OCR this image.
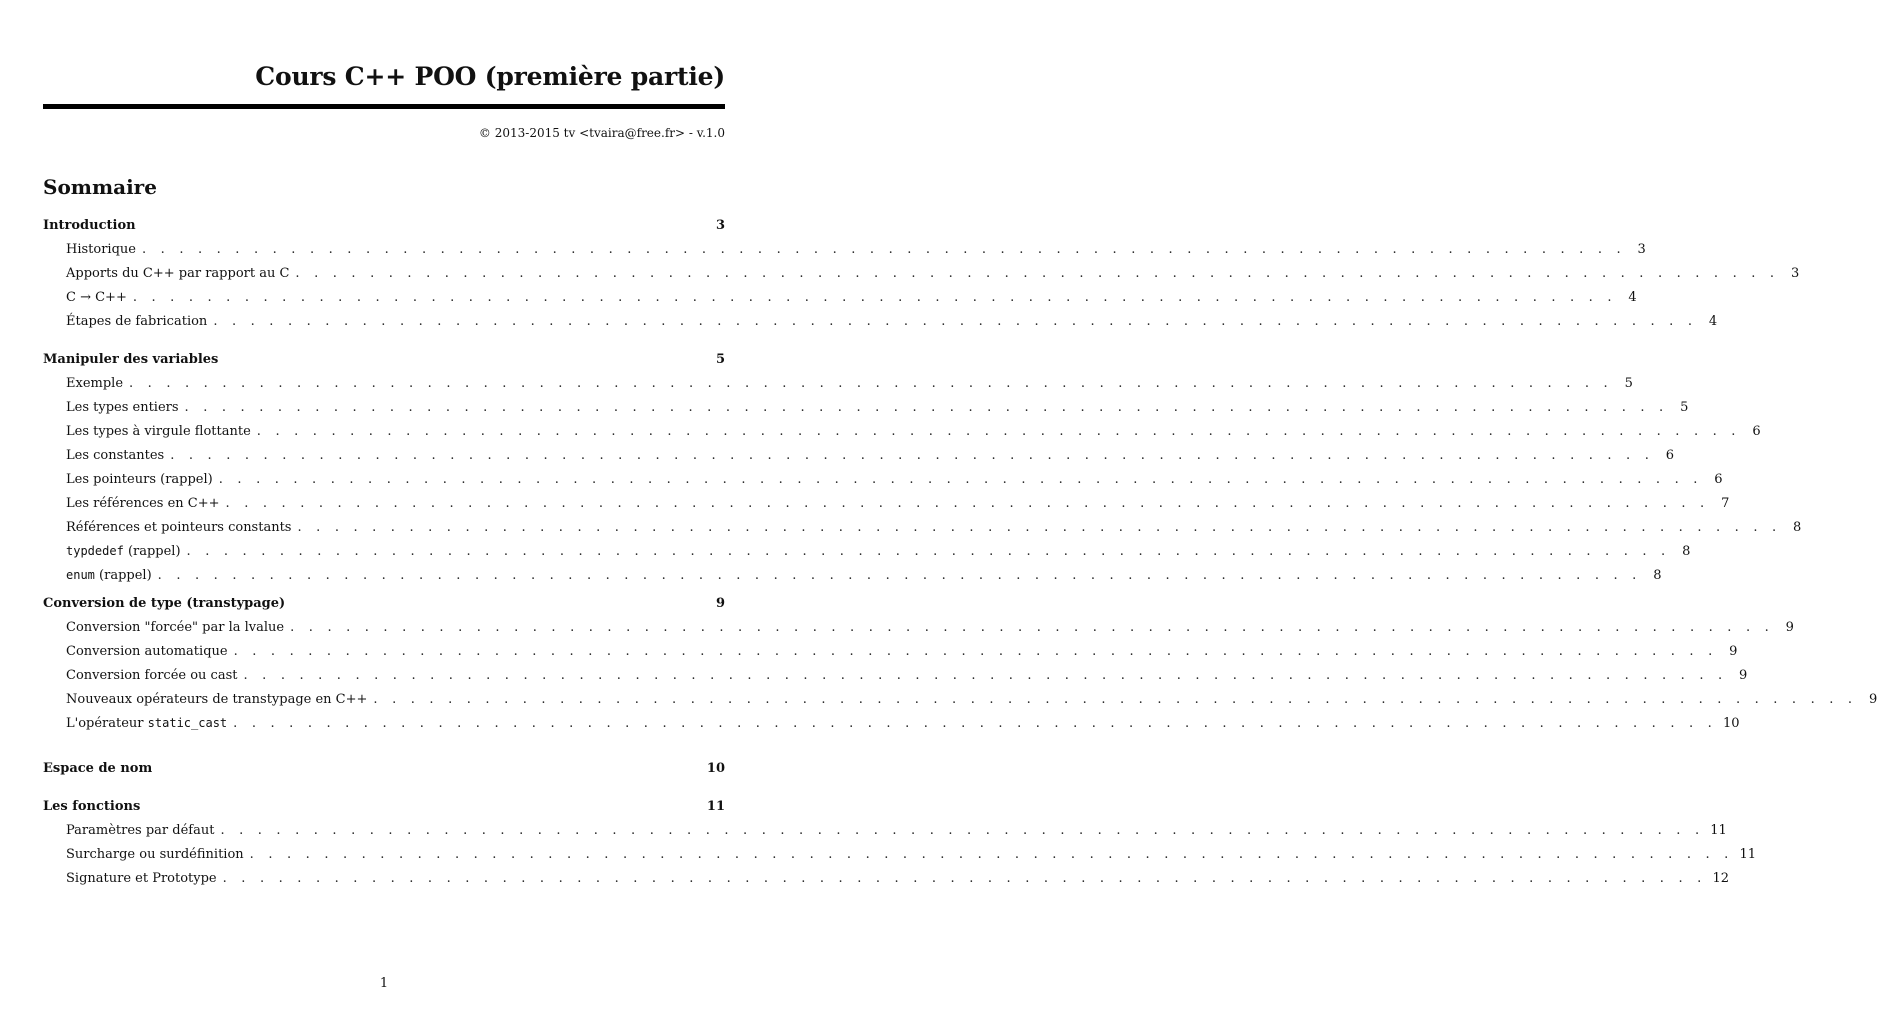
Cours C++ POO (première partie)
© 2013-2015 tv <tvaira@free.fr> - v.1.0
Sommaire
Introduction	3
Historique . . . . . . . . . . . . . . . . . . . . . . . . . . . . . . . . . . . . . . . . . . . . . . . . . . . . . . . . . . . . . . . . . . . . . . . . . . . . . . . . 3
Apports du C++ par rapport au C . . . . . . . . . . . . . . . . . . . . . . . . . . . . . . . . . . . . . . . . . . . . . . . . . . . . . . . . . . . . . . . . . . . . . . . . . . . . . . . . 3
C → C++ . . . . . . . . . . . . . . . . . . . . . . . . . . . . . . . . . . . . . . . . . . . . . . . . . . . . . . . . . . . . . . . . . . . . . . . . . . . . . . . . 4
Étapes de fabrication . . . . . . . . . . . . . . . . . . . . . . . . . . . . . . . . . . . . . . . . . . . . . . . . . . . . . . . . . . . . . . . . . . . . . . . . . . . . . . . . 4
Manipuler des variables	5
Exemple . . . . . . . . . . . . . . . . . . . . . . . . . . . . . . . . . . . . . . . . . . . . . . . . . . . . . . . . . . . . . . . . . . . . . . . . . . . . . . . . 5
Les types entiers . . . . . . . . . . . . . . . . . . . . . . . . . . . . . . . . . . . . . . . . . . . . . . . . . . . . . . . . . . . . . . . . . . . . . . . . . . . . . . . . 5
Les types à virgule flottante . . . . . . . . . . . . . . . . . . . . . . . . . . . . . . . . . . . . . . . . . . . . . . . . . . . . . . . . . . . . . . . . . . . . . . . . . . . . . . . . 6
Les constantes . . . . . . . . . . . . . . . . . . . . . . . . . . . . . . . . . . . . . . . . . . . . . . . . . . . . . . . . . . . . . . . . . . . . . . . . . . . . . . . . 6
Les pointeurs (rappel) . . . . . . . . . . . . . . . . . . . . . . . . . . . . . . . . . . . . . . . . . . . . . . . . . . . . . . . . . . . . . . . . . . . . . . . . . . . . . . . . 6
Les références en C++ . . . . . . . . . . . . . . . . . . . . . . . . . . . . . . . . . . . . . . . . . . . . . . . . . . . . . . . . . . . . . . . . . . . . . . . . . . . . . . . . 7
Références et pointeurs constants . . . . . . . . . . . . . . . . . . . . . . . . . . . . . . . . . . . . . . . . . . . . . . . . . . . . . . . . . . . . . . . . . . . . . . . . . . . . . . . . 8
typdedef (rappel) . . . . . . . . . . . . . . . . . . . . . . . . . . . . . . . . . . . . . . . . . . . . . . . . . . . . . . . . . . . . . . . . . . . . . . . . . . . . . . . . 8
enum (rappel) . . . . . . . . . . . . . . . . . . . . . . . . . . . . . . . . . . . . . . . . . . . . . . . . . . . . . . . . . . . . . . . . . . . . . . . . . . . . . . . . 8
Conversion de type (transtypage)	9
Conversion "forcée" par la lvalue . . . . . . . . . . . . . . . . . . . . . . . . . . . . . . . . . . . . . . . . . . . . . . . . . . . . . . . . . . . . . . . . . . . . . . . . . . . . . . . . 9
Conversion automatique . . . . . . . . . . . . . . . . . . . . . . . . . . . . . . . . . . . . . . . . . . . . . . . . . . . . . . . . . . . . . . . . . . . . . . . . . . . . . . . . 9
Conversion forcée ou cast . . . . . . . . . . . . . . . . . . . . . . . . . . . . . . . . . . . . . . . . . . . . . . . . . . . . . . . . . . . . . . . . . . . . . . . . . . . . . . . . 9
Nouveaux opérateurs de transtypage en C++ . . . . . . . . . . . . . . . . . . . . . . . . . . . . . . . . . . . . . . . . . . . . . . . . . . . . . . . . . . . . . . . . . . . . . . . . . . . . . . . . 9
L'opérateur static_cast . . . . . . . . . . . . . . . . . . . . . . . . . . . . . . . . . . . . . . . . . . . . . . . . . . . . . . . . . . . . . . . . . . . . . . . . . . . . . . . . 10
Espace de nom	10
Les fonctions	11
Paramètres par défaut . . . . . . . . . . . . . . . . . . . . . . . . . . . . . . . . . . . . . . . . . . . . . . . . . . . . . . . . . . . . . . . . . . . . . . . . . . . . . . . . 11
Surcharge ou surdéfinition . . . . . . . . . . . . . . . . . . . . . . . . . . . . . . . . . . . . . . . . . . . . . . . . . . . . . . . . . . . . . . . . . . . . . . . . . . . . . . . . 11
Signature et Prototype . . . . . . . . . . . . . . . . . . . . . . . . . . . . . . . . . . . . . . . . . . . . . . . . . . . . . . . . . . . . . . . . . . . . . . . . . . . . . . . . 12
1
